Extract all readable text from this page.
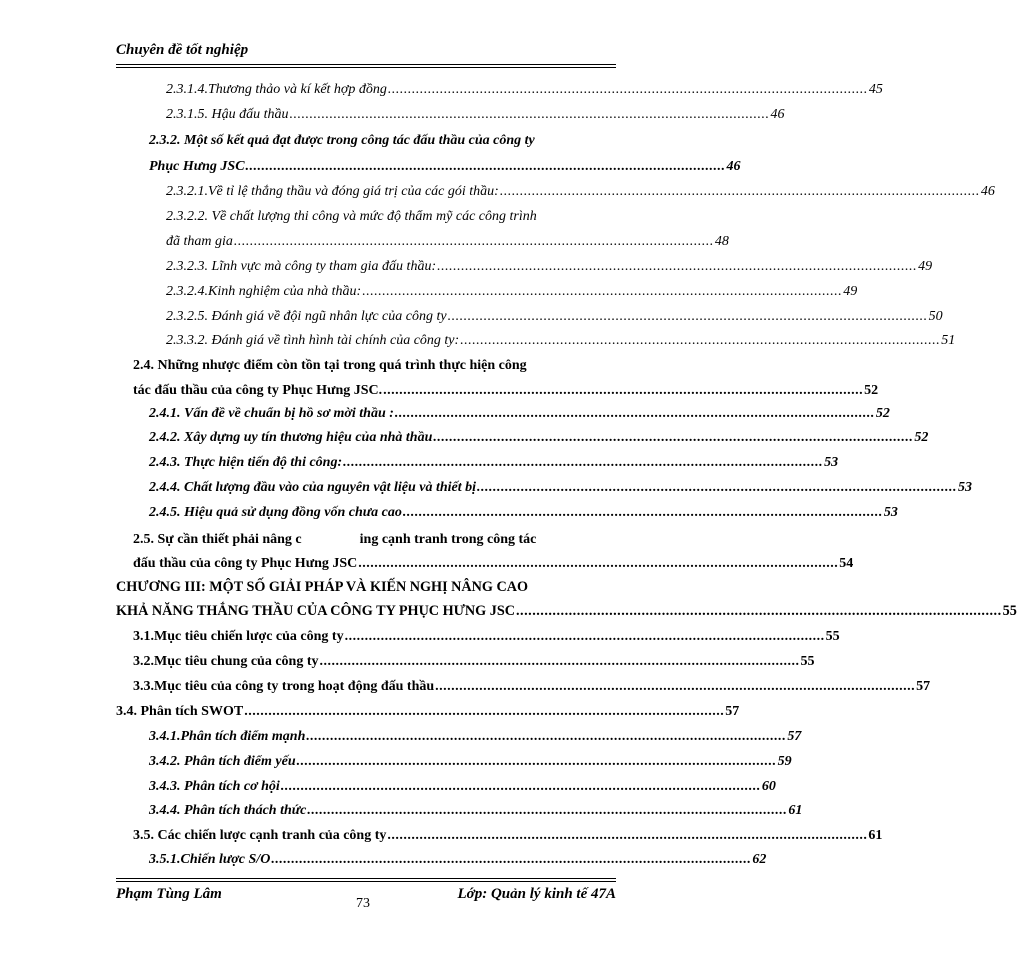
Chuyên đề tốt nghiệp
2.3.1.4.Thương thảo và kí kết hợp đồng ........................................................................................................................ 45
2.3.1.5. Hậu đấu thầu ........................................................................................................................ 46
2.3.2. Một số kết quả đạt được trong công tác đấu thầu của công ty
Phục Hưng JSC ........................................................................................................................ 46
2.3.2.1.Về tỉ lệ thắng thầu và đóng giá trị của các gói thầu: ........................................................................................................................ 46
2.3.2.2. Về chất lượng thi công và mức độ thẩm mỹ các công trình
đã tham gia ........................................................................................................................ 48
2.3.2.3. Lĩnh vực mà công ty tham gia đấu thầu: ........................................................................................................................ 49
2.3.2.4.Kinh nghiệm của nhà thầu: ........................................................................................................................ 49
2.3.2.5. Đánh giá về đội ngũ nhân lực của công ty ........................................................................................................................ 50
2.3.3.2. Đánh giá về tình hình tài chính của công ty: ........................................................................................................................ 51
2.4. Những nhược điểm còn tồn tại trong quá trình thực hiện công
tác đấu thầu của công ty Phục Hưng JSC. ........................................................................................................................ 52
2.4.1. Vấn đề về chuẩn bị hồ sơ mời thầu : ........................................................................................................................ 52
2.4.2. Xây dựng uy tín thương hiệu của nhà thầu ........................................................................................................................ 52
2.4.3. Thực hiện tiến độ thi công: ........................................................................................................................ 53
2.4.4. Chất lượng đầu vào của nguyên vật liệu và thiết bị ........................................................................................................................ 53
2.4.5. Hiệu quả sử dụng đồng vốn chưa cao ........................................................................................................................ 53
2.5. Sự cần thiết phải nâng c	ing cạnh tranh trong công tác
đấu thầu của công ty Phục Hưng JSC ........................................................................................................................ 54
CHƯƠNG III: MỘT SỐ GIẢI PHÁP VÀ KIẾN NGHỊ NÂNG CAO
KHẢ NĂNG THẮNG THẦU CỦA CÔNG TY PHỤC HƯNG JSC ........................................................................................................................ 55
3.1.Mục tiêu chiến lược của công ty ........................................................................................................................ 55
3.2.Mục tiêu chung của công ty ........................................................................................................................ 55
3.3.Mục tiêu của công ty trong hoạt động đấu thầu ........................................................................................................................ 57
3.4. Phân tích SWOT ........................................................................................................................ 57
3.4.1.Phân tích điểm mạnh ........................................................................................................................ 57
3.4.2. Phân tích điểm yếu ........................................................................................................................ 59
3.4.3. Phân tích cơ hội ........................................................................................................................ 60
3.4.4. Phân tích thách thức ........................................................................................................................ 61
3.5. Các chiến lược cạnh tranh của công ty ........................................................................................................................ 61
3.5.1.Chiến lược S/O ........................................................................................................................ 62
Phạm Tùng Lâm
73
Lớp: Quản lý kinh tế 47A
